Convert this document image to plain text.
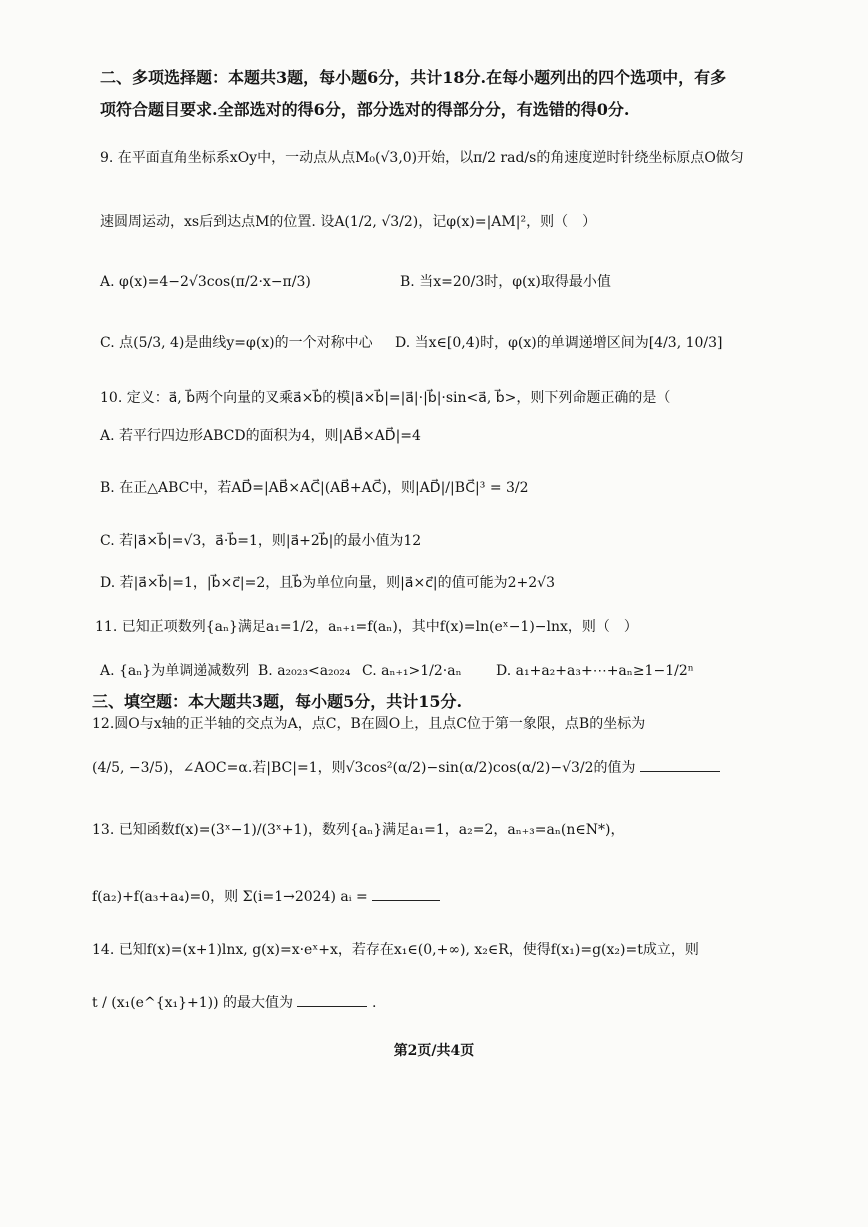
二、多项选择题：本题共3题，每小题6分，共计18分.在每小题列出的四个选项中，有多
项符合题目要求.全部选对的得6分，部分选对的得部分分，有选错的得0分.
9. 在平面直角坐标系xOy中，一动点从点M₀(√3,0)开始，以π/2 rad/s的角速度逆时针绕坐标原点O做匀
速圆周运动，xs后到达点M的位置. 设A(1/2, √3/2)，记φ(x)=|AM|²，则（　）
A. φ(x)=4−2√3cos(π/2·x−π/3)	B. 当x=20/3时，φ(x)取得最小值
C. 点(5/3, 4)是曲线y=φ(x)的一个对称中心 D. 当x∈[0,4)时，φ(x)的单调递增区间为[4/3, 10/3]
10. 定义：a⃗, b⃗两个向量的叉乘a⃗×b⃗的模|a⃗×b⃗|=|a⃗|·|b⃗|·sin<a⃗, b⃗>，则下列命题正确的是（
A. 若平行四边形ABCD的面积为4，则|AB⃗×AD⃗|=4
B. 在正△ABC中，若AD⃗=|AB⃗×AC⃗|(AB⃗+AC⃗)，则|AD⃗|/|BC⃗|³ = 3/2
C. 若|a⃗×b⃗|=√3，a⃗·b⃗=1，则|a⃗+2b⃗|的最小值为12
D. 若|a⃗×b⃗|=1，|b⃗×c⃗|=2，且b⃗为单位向量，则|a⃗×c⃗|的值可能为2+2√3
11. 已知正项数列{aₙ}满足a₁=1/2，aₙ₊₁=f(aₙ)，其中f(x)=ln(eˣ−1)−lnx，则（　）
A. {aₙ}为单调递减数列 B. a₂₀₂₃<a₂₀₂₄ C. aₙ₊₁>1/2·aₙ D. a₁+a₂+a₃+⋯+aₙ≥1−1/2ⁿ
三、填空题：本大题共3题，每小题5分，共计15分.
12.圆O与x轴的正半轴的交点为A，点C，B在圆O上，且点C位于第一象限，点B的坐标为
(4/5, −3/5)，∠AOC=α.若|BC|=1，则√3cos²(α/2)−sin(α/2)cos(α/2)−√3/2的值为
13. 已知函数f(x)=(3ˣ−1)/(3ˣ+1)，数列{aₙ}满足a₁=1，a₂=2，aₙ₊₃=aₙ(n∈N*)，
f(a₂)+f(a₃+a₄)=0，则 Σ(i=1→2024) aᵢ =
14. 已知f(x)=(x+1)lnx, g(x)=x·eˣ+x，若存在x₁∈(0,+∞), x₂∈R，使得f(x₁)=g(x₂)=t成立，则
t / (x₁(e^{x₁}+1)) 的最大值为	.
第2页/共4页
